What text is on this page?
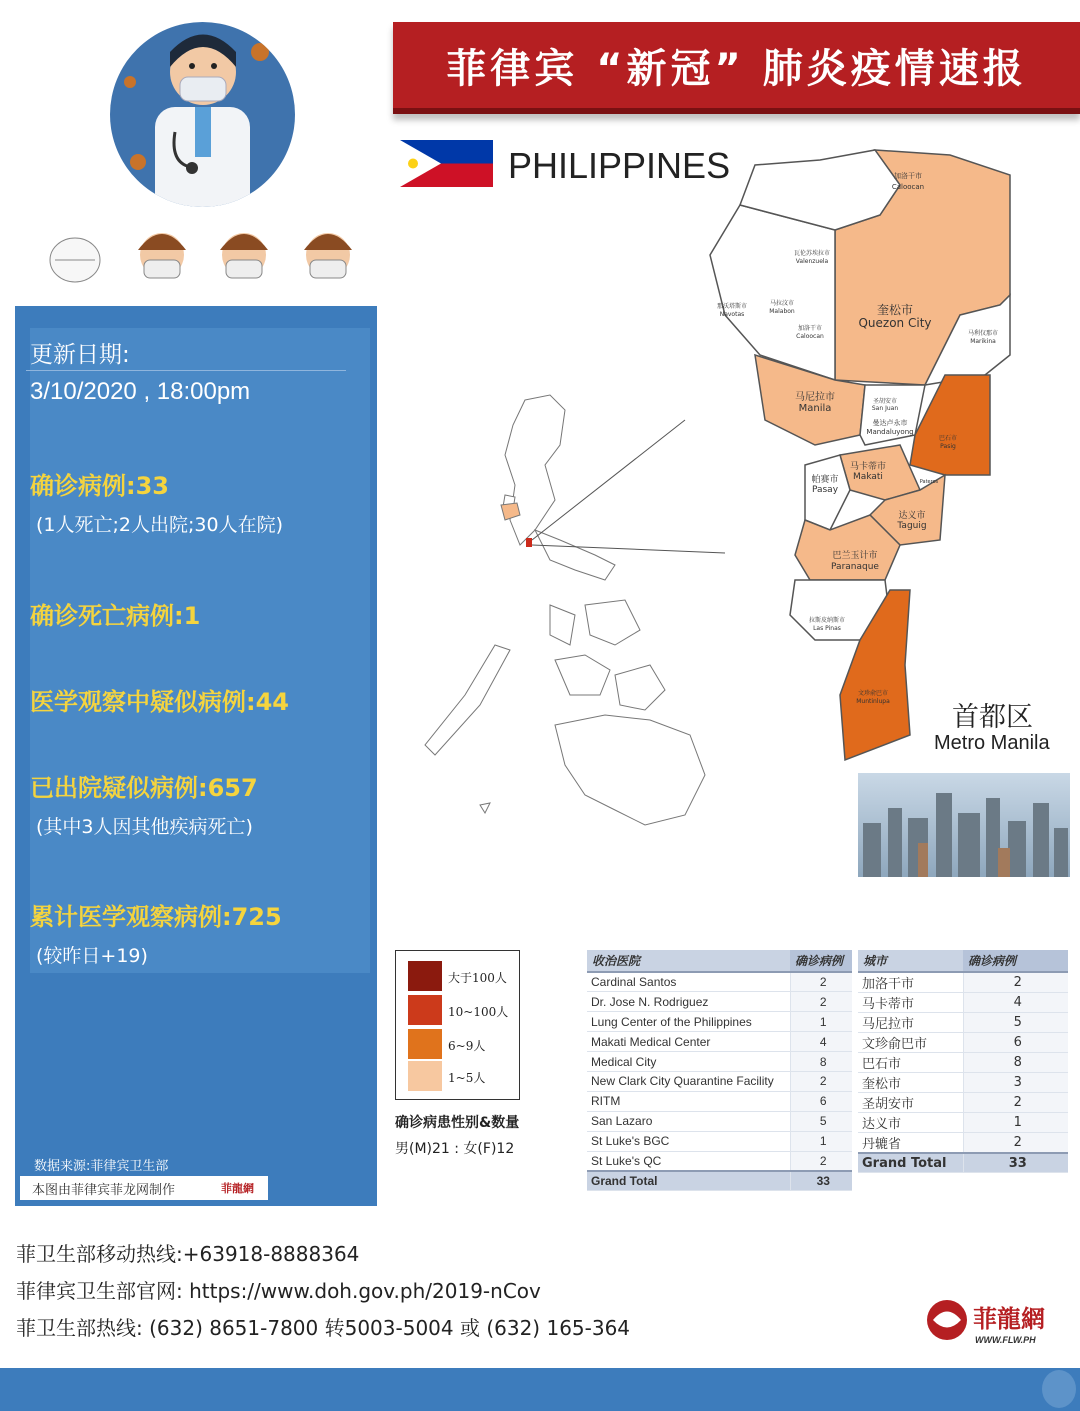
菲律宾 “新冠” 肺炎疫情速报
PHILIPPINES
更新日期:
3/10/2020 , 18:00pm
确诊病例:33
(1人死亡;2人出院;30人在院)
确诊死亡病例:1
医学观察中疑似病例:44
已出院疑似病例:657
(其中3人因其他疾病死亡)
累计医学观察病例:725
(较昨日+19)
数据来源:菲律宾卫生部
本图由菲律宾菲龙网制作	菲龍網
加洛干市
Caloocan
瓦伦苏埃拉市
Valenzuela
那沃塔斯市
Navotas
马拉汶市
Malabon
加洛干市
Caloocan
奎松市
Quezon City
马利仅那市
Marikina
马尼拉市
Manila
圣胡安市
San Juan
曼达卢永市
Mandaluyong
巴石市
Pasig
马卡蒂市
Makati
帕赛市
Pasay
Pateros
达义市
Taguig
巴兰玉计市
Paranaque
拉斯皮纳斯市
Las Pinas
文珍俞巴市
Muntinlupa
首都区
Metro Manila
大于100人
10~100人
6~9人
1~5人
确诊病患性别&数量
男(M)21 : 女(F)12
收治医院	确诊病例
Cardinal Santos	2
Dr. Jose N. Rodriguez	2
Lung Center of the Philippines	1
Makati Medical Center	4
Medical City	8
New Clark City Quarantine Facility	2
RITM	6
San Lazaro	5
St Luke's BGC	1
St Luke's QC	2
Grand Total	33
城市	确诊病例
加洛干市	2
马卡蒂市	4
马尼拉市	5
文珍俞巴市	6
巴石市	8
奎松市	3
圣胡安市	2
达义市	1
丹辘省	2
Grand Total	33
菲卫生部移动热线:+63918-8888364
菲律宾卫生部官网: https://www.doh.gov.ph/2019-nCov
菲卫生部热线: (632) 8651-7800 转5003-5004 或 (632) 165-364	菲龍網
WWW.FLW.PH
